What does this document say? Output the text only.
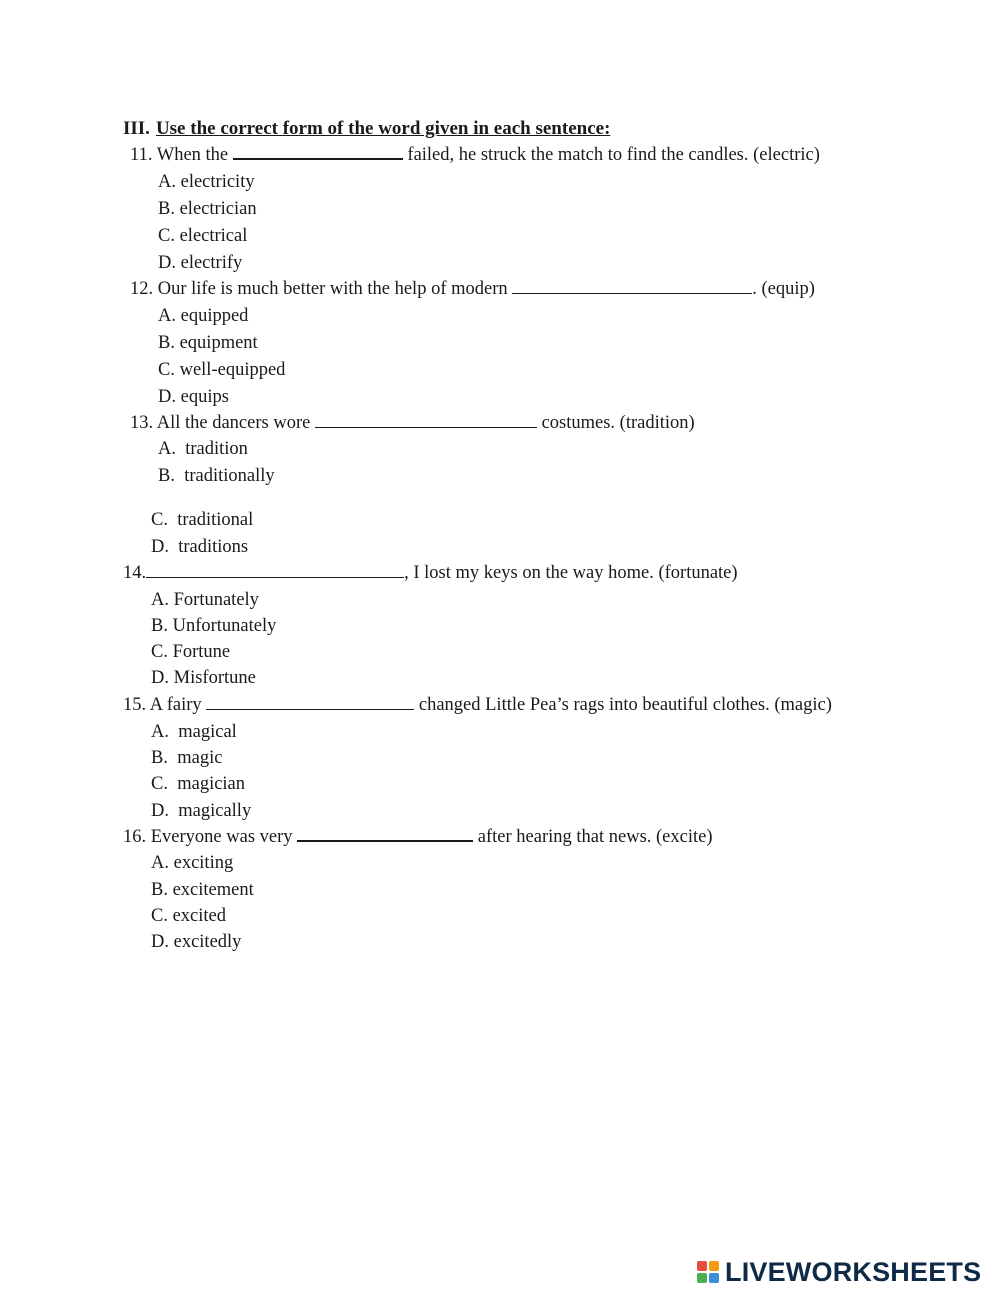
III. Use the correct form of the word given in each sentence:
11. When the	failed, he struck the match to find the candles. (electric)
A. electricity
B. electrician
C. electrical
D. electrify
12. Our life is much better with the help of modern	. (equip)
A. equipped
B. equipment
C. well-equipped
D. equips
13. All the dancers wore	costumes. (tradition)
A. tradition
B. traditionally
C. traditional
D. traditions
14.	, I lost my keys on the way home. (fortunate)
A. Fortunately
B. Unfortunately
C. Fortune
D. Misfortune
15. A fairy	changed Little Pea’s rags into beautiful clothes. (magic)
A. magical
B. magic
C. magician
D. magically
16. Everyone was very	after hearing that news. (excite)
A. exciting
B. excitement
C. excited
D. excitedly
LIVEWORKSHEETS
